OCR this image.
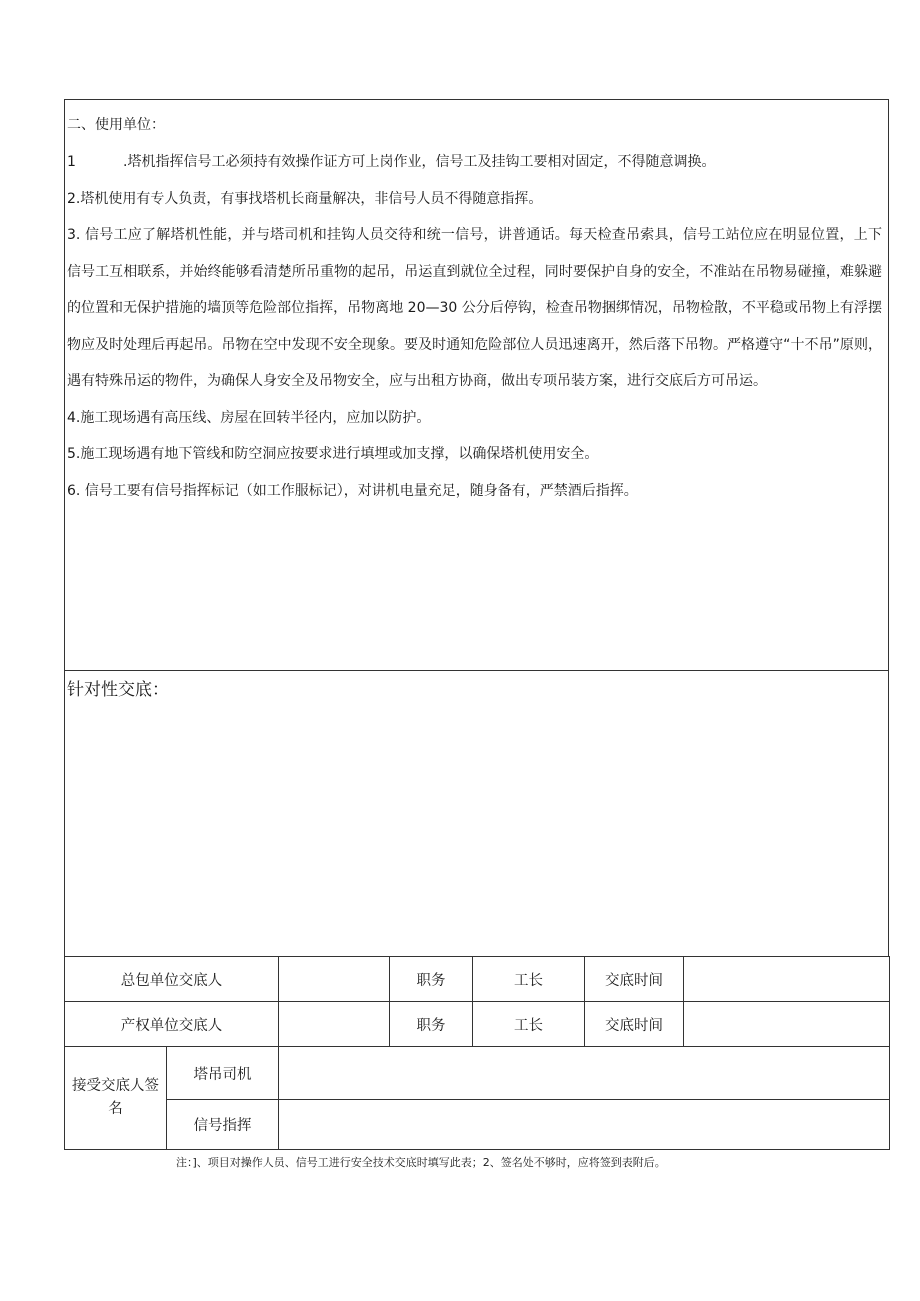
二、使用单位：

1	.塔机指挥信号工必须持有效操作证方可上岗作业，信号工及挂钩工要相对固定，不得随意调换。

2.塔机使用有专人负责，有事找塔机长商量解决，非信号人员不得随意指挥。

3. 信号工应了解塔机性能，并与塔司机和挂钩人员交待和统一信号，讲普通话。每天检查吊索具，信号工站位应在明显位置，上下信号工互相联系，并始终能够看清楚所吊重物的起吊，吊运直到就位全过程，同时要保护自身的安全，不准站在吊物易碰撞，难躲避的位置和无保护措施的墙顶等危险部位指挥，吊物离地 20—30 公分后停钩，检查吊物捆绑情况，吊物检散，不平稳或吊物上有浮摆物应及时处理后再起吊。吊物在空中发现不安全现象。要及时通知危险部位人员迅速离开，然后落下吊物。严格遵守“十不吊”原则，遇有特殊吊运的物件，为确保人身安全及吊物安全，应与出租方协商，做出专项吊装方案，进行交底后方可吊运。

4.施工现场遇有高压线、房屋在回转半径内，应加以防护。

5.施工现场遇有地下管线和防空洞应按要求进行填埋或加支撑，以确保塔机使用安全。

6. 信号工要有信号指挥标记（如工作服标记），对讲机电量充足，随身备有，严禁酒后指挥。

针对性交底：
总包单位交底人			职务	工长	交底时间	
产权单位交底人			职务	工长	交底时间	
接受交底人签名	塔吊司机					
	信号指挥					
注：]、项目对操作人员、信号工进行安全技术交底时填写此表；2、签名处不够时，应将签到表附后。
